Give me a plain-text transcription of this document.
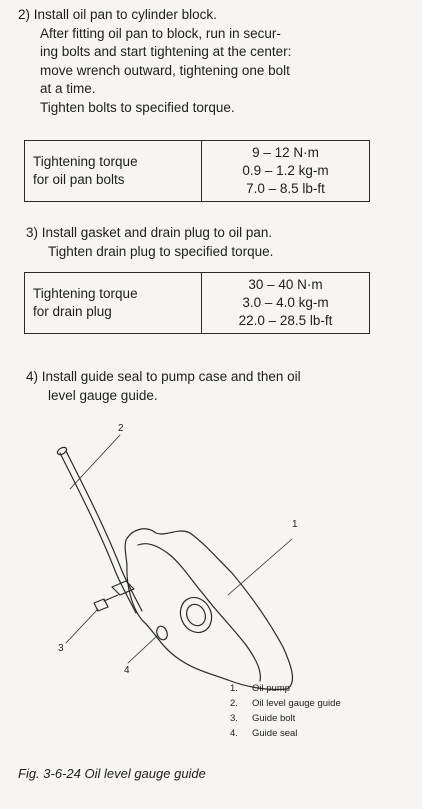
2) Install oil pan to cylinder block.

After fitting oil pan to block, run in secur-

ing bolts and start tightening at the center:

move wrench outward, tightening one bolt

at a time.

Tighten bolts to specified torque.

Tightening torque
for oil pan bolts

9 – 12 N·m
0.9 – 1.2 kg-m
7.0 – 8.5 lb-ft

3) Install gasket and drain plug to oil pan.

Tighten drain plug to specified torque.

Tightening torque
for drain plug

30 – 40 N·m
3.0 – 4.0 kg-m
22.0 – 28.5 lb-ft

4) Install guide seal to pump case and then oil

level gauge guide.

1
2
3
4
1.	Oil pump
2.	Oil level gauge guide
3.	Guide bolt
4.	Guide seal
Fig. 3-6-24 Oil level gauge guide
